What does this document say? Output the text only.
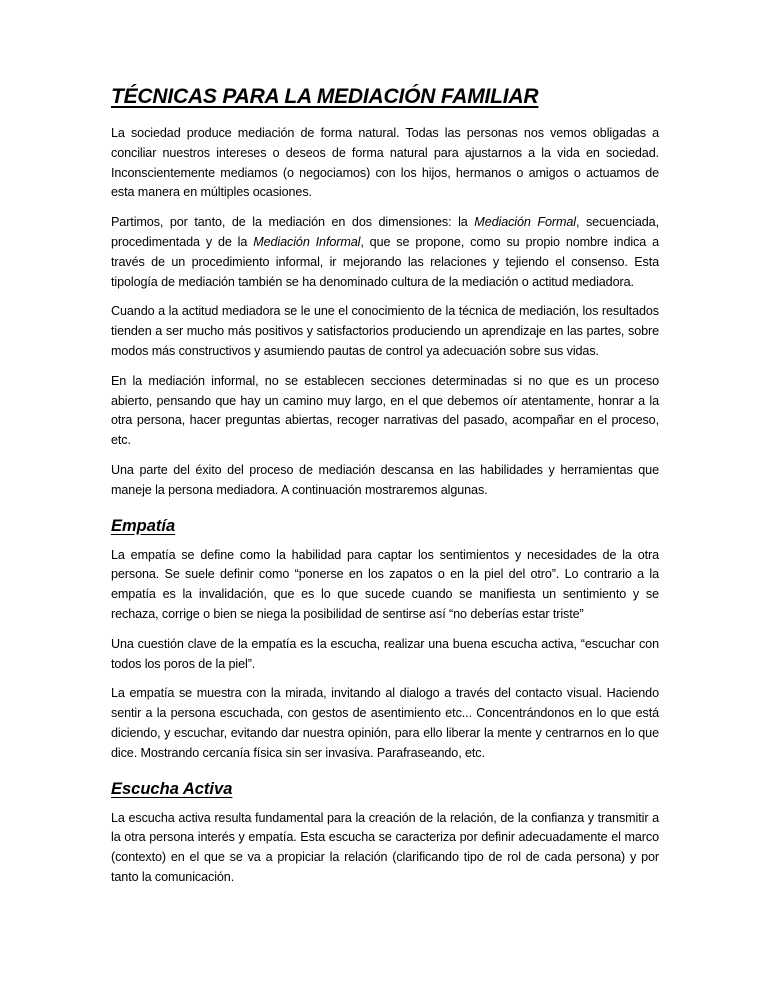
TÉCNICAS PARA LA MEDIACIÓN FAMILIAR

La sociedad produce mediación de forma natural. Todas las personas nos vemos obligadas a conciliar nuestros intereses o deseos de forma natural para ajustarnos a la vida en sociedad. Inconscientemente mediamos (o negociamos) con los hijos, hermanos o amigos o actuamos de esta manera en múltiples ocasiones.

Partimos, por tanto, de la mediación en dos dimensiones: la Mediación Formal, secuenciada, procedimentada y de la Mediación Informal, que se propone, como su propio nombre indica a través de un procedimiento informal, ir mejorando las relaciones y tejiendo el consenso. Esta tipología de mediación también se ha denominado cultura de la mediación o actitud mediadora.

Cuando a la actitud mediadora se le une el conocimiento de la técnica de mediación, los resultados tienden a ser mucho más positivos y satisfactorios produciendo un aprendizaje en las partes, sobre modos más constructivos y asumiendo pautas de control ya adecuación sobre sus vidas.

En la mediación informal, no se establecen secciones determinadas si no que es un proceso abierto, pensando que hay un camino muy largo, en el que debemos oír atentamente, honrar a la otra persona, hacer preguntas abiertas, recoger narrativas del pasado, acompañar en el proceso, etc.

Una parte del éxito del proceso de mediación descansa en las habilidades y herramientas que maneje la persona mediadora. A continuación mostraremos algunas.

Empatía

La empatía se define como la habilidad para captar los sentimientos y necesidades de la otra persona. Se suele definir como “ponerse en los zapatos o en la piel del otro”. Lo contrario a la empatía es la invalidación, que es lo que sucede cuando se manifiesta un sentimiento y se rechaza, corrige o bien se niega la posibilidad de sentirse así “no deberías estar triste”

Una cuestión clave de la empatía es la escucha, realizar una buena escucha activa, “escuchar con todos los poros de la piel”.

La empatía se muestra con la mirada, invitando al dialogo a través del contacto visual. Haciendo sentir a la persona escuchada, con gestos de asentimiento etc... Concentrándonos en lo que está diciendo, y escuchar, evitando dar nuestra opinión, para ello liberar la mente y centrarnos en lo que dice. Mostrando cercanía física sin ser invasiva. Parafraseando, etc.

Escucha Activa

La escucha activa resulta fundamental para la creación de la relación, de la confianza y transmitir a la otra persona interés y empatía. Esta escucha se caracteriza por definir adecuadamente el marco (contexto) en el que se va a propiciar la relación (clarificando tipo de rol de cada persona) y por tanto la comunicación.
